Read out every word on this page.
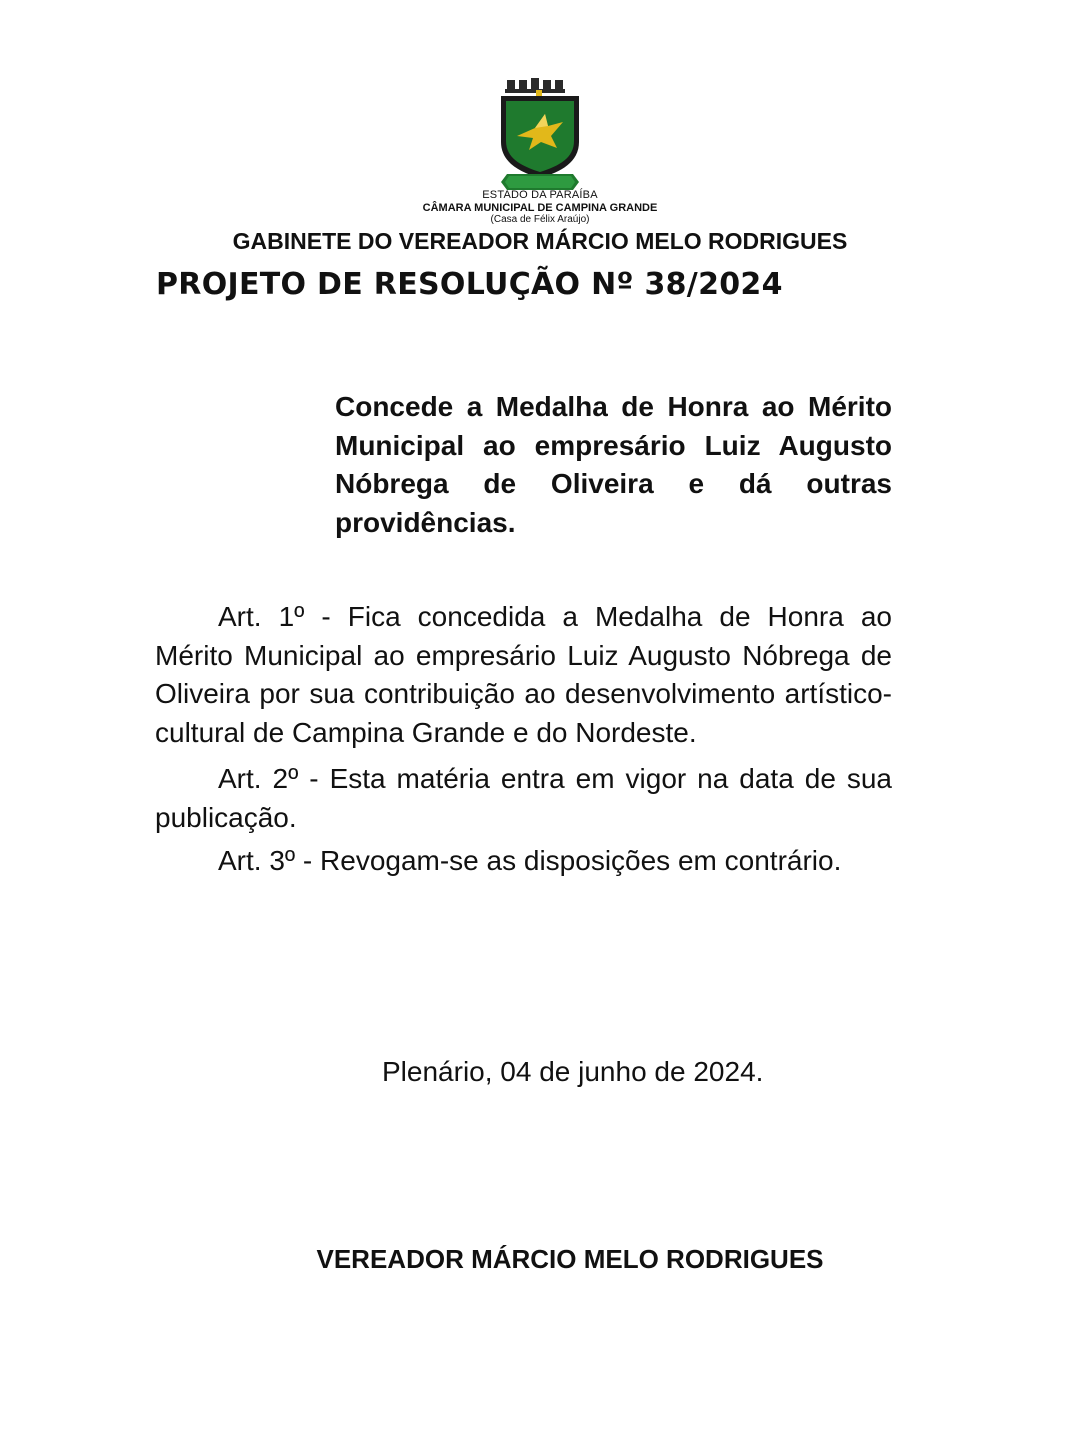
ESTADO DA PARAÍBA
CÂMARA MUNICIPAL DE CAMPINA GRANDE
(Casa de Félix Araújo)
GABINETE DO VEREADOR MÁRCIO MELO RODRIGUES
PROJETO DE RESOLUÇÃO Nº 38/2024
Concede a Medalha de Honra ao Mérito Municipal ao empresário Luiz Augusto Nóbrega de Oliveira e dá outras providências.

Art. 1º - Fica concedida a Medalha de Honra ao Mérito Municipal ao empresário Luiz Augusto Nóbrega de Oliveira por sua contribuição ao desenvolvimento artístico-cultural de Campina Grande e do Nordeste.

Art. 2º - Esta matéria entra em vigor na data de sua publicação.

Art. 3º - Revogam-se as disposições em contrário.

Plenário, 04 de junho de 2024.
VEREADOR MÁRCIO MELO RODRIGUES
